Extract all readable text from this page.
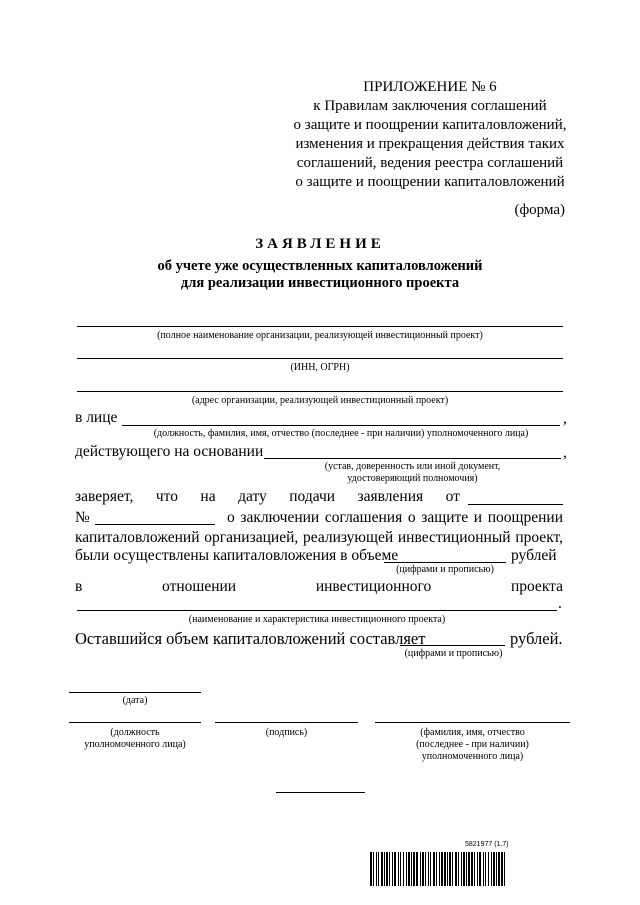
ПРИЛОЖЕНИЕ № 6
к Правилам заключения соглашений
о защите и поощрении капиталовложений,
изменения и прекращения действия таких
соглашений, ведения реестра соглашений
о защите и поощрении капиталовложений
(форма)
ЗАЯВЛЕНИЕ
об учете уже осуществленных капиталовложений
для реализации инвестиционного проекта
(полное наименование организации, реализующей инвестиционный проект)
(ИНН, ОГРН)
(адрес организации, реализующей инвестиционный проект)
в лице	,
(должность, фамилия, имя, отчество (последнее - при наличии) уполномоченного лица)
действующего на основании	,
(устав, доверенность или иной документ,
удостоверяющий полномочия)
заверяет, что на дату подачи заявления от
№	о заключении соглашения о защите и поощрении
капиталовложений организацией, реализующей инвестиционный проект,
были осуществлены капиталовложения в объеме	рублей
(цифрами и прописью)
в	отношении	инвестиционного	проекта
.
(наименование и характеристика инвестиционного проекта)
Оставшийся объем капиталовложений составляет	рублей.
(цифрами и прописью)
(дата)
(должность
уполномоченного лица)
(подпись)	(фамилия, имя, отчество
(последнее - при наличии)
уполномоченного лица)
5821977 (1.7)
